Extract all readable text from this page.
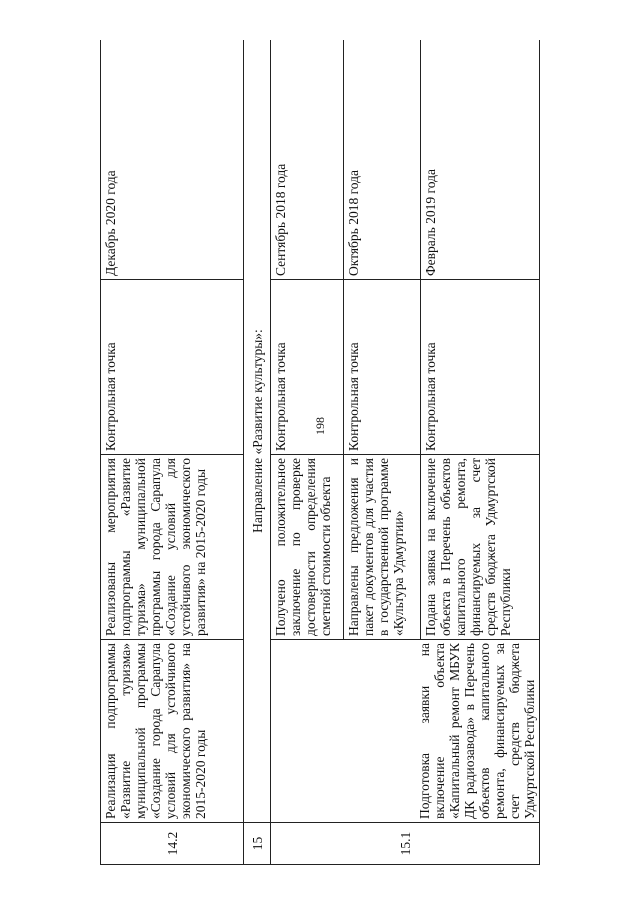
198
14.2	Реализация подпрограммы «Развитие туризма» муниципальной программы «Создание города Сарапула условий для устойчивого экономического развития» на 2015-2020 годы	Реализованы мероприятия подпрограммы «Развитие туризма» муниципальной программы города Сарапула «Создание условий для устойчивого экономического развития» на 2015-2020 годы	Контрольная точка	Декабрь 2020 года
15	Направление «Развитие культуры»:			
15.1	Подготовка заявки на включение объекта «Капитальный ремонт МБУК ДК радиозавода» в Перечень объектов капитального ремонта, финансируемых за счет средств бюджета Удмуртской Республики	Получено положительное заключение по проверке достоверности определения сметной стоимости объекта	Контрольная точка	Сентябрь 2018 года
		Направлены предложения и пакет документов для участия в государственной программе «Культура Удмуртии»	Контрольная точка	Октябрь 2018 года
		Подана заявка на включение объекта в Перечень объектов капитального ремонта, финансируемых за счет средств бюджета Удмуртской Республики	Контрольная точка	Февраль 2019 года
